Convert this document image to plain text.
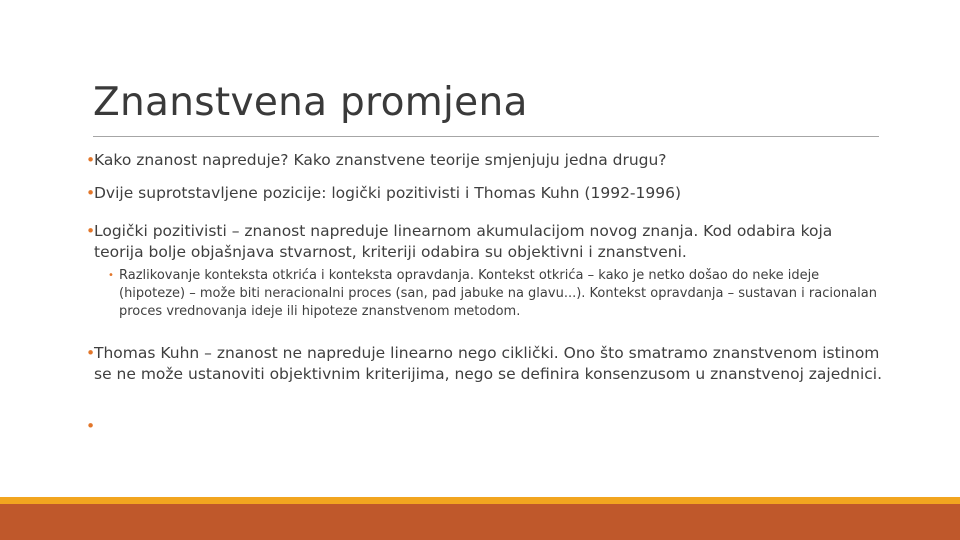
Znanstvena promjena
•
Kako znanost napreduje? Kako znanstvene teorije smjenjuju jedna drugu?
•
Dvije suprotstavljene pozicije: logički pozitivisti i Thomas Kuhn (1992-1996)
•
Logički pozitivisti – znanost napreduje linearnom akumulacijom novog znanja. Kod odabira koja teorija bolje objašnjava stvarnost, kriteriji odabira su objektivni i znanstveni.
• Razlikovanje konteksta otkrića i konteksta opravdanja. Kontekst otkrića – kako je netko došao do neke ideje (hipoteze) – može biti neracionalni proces (san, pad jabuke na glavu...). Kontekst opravdanja – sustavan i racionalan proces vrednovanja ideje ili hipoteze znanstvenom metodom.
•
Thomas Kuhn – znanost ne napreduje linearno nego ciklički. Ono što smatramo znanstvenom istinom se ne može ustanoviti objektivnim kriterijima, nego se definira konsenzusom u znanstvenoj zajednici.
•
